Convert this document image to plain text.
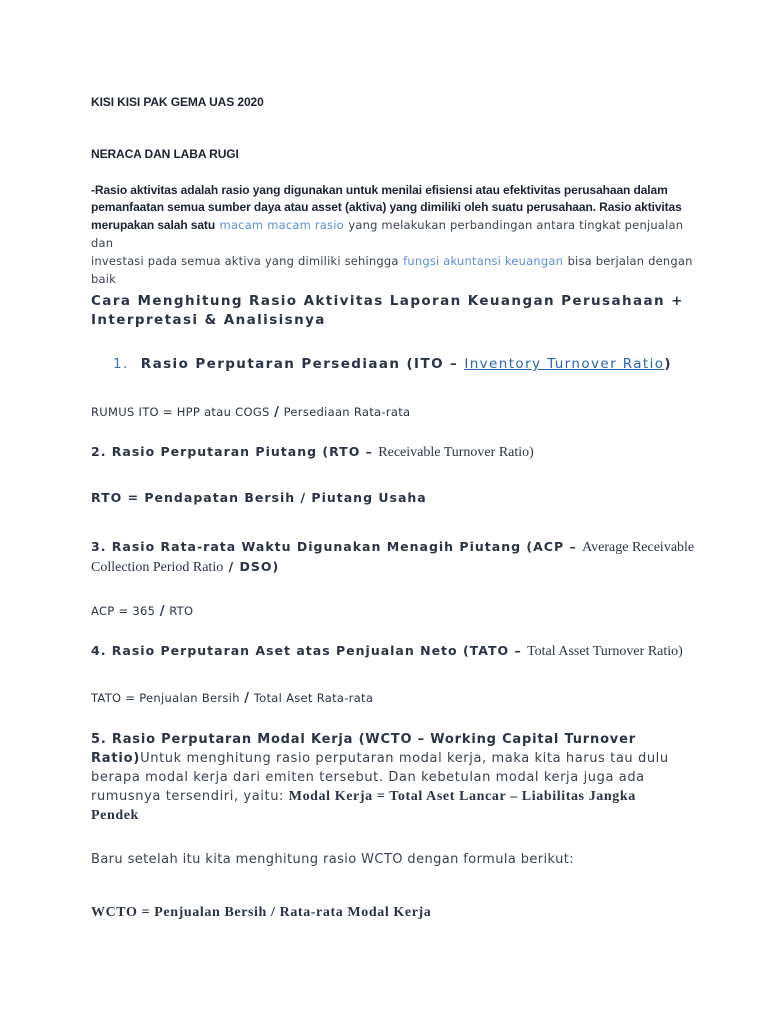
KISI KISI PAK GEMA UAS 2020
NERACA DAN LABA RUGI
-Rasio aktivitas adalah rasio yang digunakan untuk menilai efisiensi atau efektivitas perusahaan dalam
pemanfaatan semua sumber daya atau asset (aktiva) yang dimiliki oleh suatu perusahaan. Rasio aktivitas
merupakan salah satu macam macam rasio yang melakukan perbandingan antara tingkat penjualan dan
investasi pada semua aktiva yang dimiliki sehingga fungsi akuntansi keuangan bisa berjalan dengan baik
Cara Menghitung Rasio Aktivitas Laporan Keuangan Perusahaan +
Interpretasi & Analisisnya
1. Rasio Perputaran Persediaan (ITO – Inventory Turnover Ratio)
RUMUS ITO = HPP atau COGS / Persediaan Rata-rata
2. Rasio Perputaran Piutang (RTO – Receivable Turnover Ratio)
RTO = Pendapatan Bersih / Piutang Usaha
3. Rasio Rata-rata Waktu Digunakan Menagih Piutang (ACP – Average Receivable
Collection Period Ratio / DSO)
ACP = 365 / RTO
4. Rasio Perputaran Aset atas Penjualan Neto (TATO – Total Asset Turnover Ratio)
TATO = Penjualan Bersih / Total Aset Rata-rata
5. Rasio Perputaran Modal Kerja (WCTO – Working Capital Turnover
Ratio)Untuk menghitung rasio perputaran modal kerja, maka kita harus tau dulu
berapa modal kerja dari emiten tersebut. Dan kebetulan modal kerja juga ada
rumusnya tersendiri, yaitu: Modal Kerja = Total Aset Lancar – Liabilitas Jangka
Pendek
Baru setelah itu kita menghitung rasio WCTO dengan formula berikut:
WCTO = Penjualan Bersih / Rata-rata Modal Kerja
